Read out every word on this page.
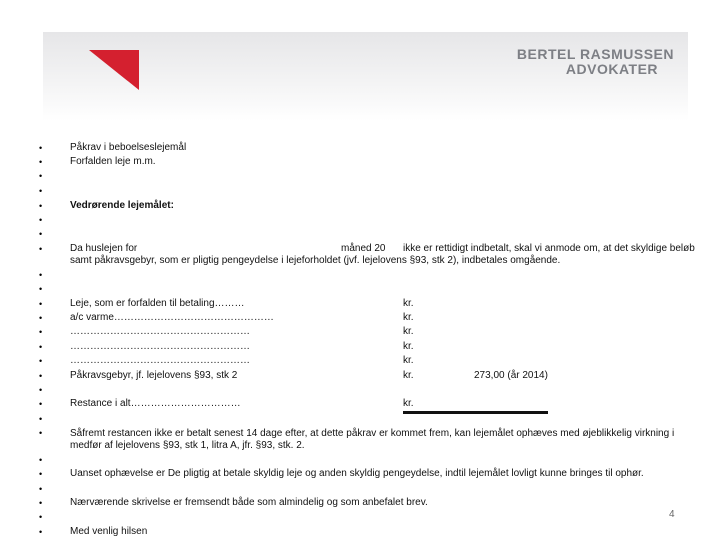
BERTEL RASMUSSEN
ADVOKATER
•
•
•
•
•
•
•
•
•
•
•
•
•
•
•
•
•
•
•
•
•
•
•
•
•
•
Påkrav i beboelseslejemål
Forfalden leje m.m.
Vedrørende lejemålet:
Da huslejen for	måned 20	ikke er rettidigt indbetalt, skal vi anmode om, at det skyldige beløb samt påkravsgebyr, som er pligtig pengeydelse i lejeforholdet (jvf. lejelovens §93, stk 2), indbetales omgående.
Leje, som er forfalden til betaling………	kr.
a/c varme…………………………………………	kr.
………………………………………………	kr.
………………………………………………	kr.
………………………………………………	kr.
Påkravsgebyr, jf. lejelovens §93, stk 2	kr.	273,00 (år 2014)
Restance i alt……………………………	kr.
Såfremt restancen ikke er betalt senest 14 dage efter, at dette påkrav er kommet frem, kan lejemålet ophæves med øjeblikkelig virkning i medfør af lejelovens §93, stk 1, litra A, jfr. §93, stk. 2.
Uanset ophævelse er De pligtig at betale skyldig leje og anden skyldig pengeydelse, indtil lejemålet lovligt kunne bringes til ophør.
Nærværende skrivelse er fremsendt både som almindelig og som anbefalet brev.
Med venlig hilsen
4
